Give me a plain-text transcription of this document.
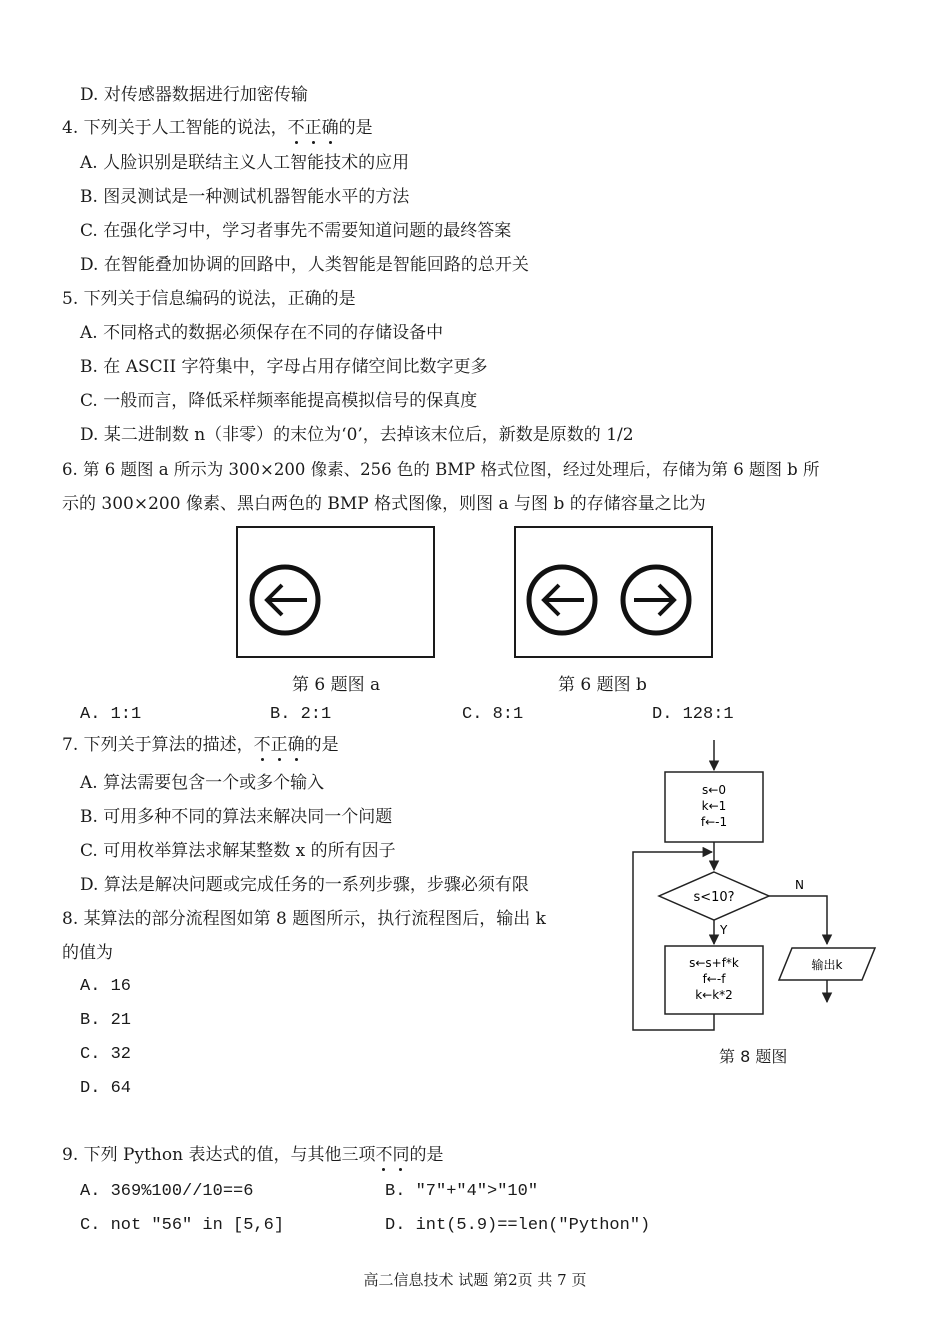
D. 对传感器数据进行加密传输
4. 下列关于人工智能的说法，不正确的是
A. 人脸识别是联结主义人工智能技术的应用
B. 图灵测试是一种测试机器智能水平的方法
C. 在强化学习中，学习者事先不需要知道问题的最终答案
D. 在智能叠加协调的回路中，人类智能是智能回路的总开关
5. 下列关于信息编码的说法，正确的是
A. 不同格式的数据必须保存在不同的存储设备中
B. 在 ASCII 字符集中，字母占用存储空间比数字更多
C. 一般而言，降低采样频率能提高模拟信号的保真度
D. 某二进制数 n（非零）的末位为‘0’，去掉该末位后，新数是原数的 1/2
6. 第 6 题图 a 所示为 300×200 像素、256 色的 BMP 格式位图，经过处理后，存储为第 6 题图 b 所
示的 300×200 像素、黑白两色的 BMP 格式图像，则图 a 与图 b 的存储容量之比为
第 6 题图 a	第 6 题图 b
A. 1:1	B. 2:1	C. 8:1	D. 128:1
7. 下列关于算法的描述，不正确的是
A. 算法需要包含一个或多个输入
B. 可用多种不同的算法来解决同一个问题
C. 可用枚举算法求解某整数 x 的所有因子
D. 算法是解决问题或完成任务的一系列步骤，步骤必须有限
8. 某算法的部分流程图如第 8 题图所示，执行流程图后，输出 k
的值为
A. 16
B. 21
C. 32
D. 64
s←0
k←1
f←-1
s<10?
Y
s←s+f*k
f←-f
k←k*2
N
输出k
第 8 题图
9. 下列 Python 表达式的值，与其他三项不同的是
A. 369%100//10==6	B. ″7″+″4″>″10″
C. not ″56″ in [5,6]	D. int(5.9)==len(″Python″)
高二信息技术 试题 第2页 共 7 页
